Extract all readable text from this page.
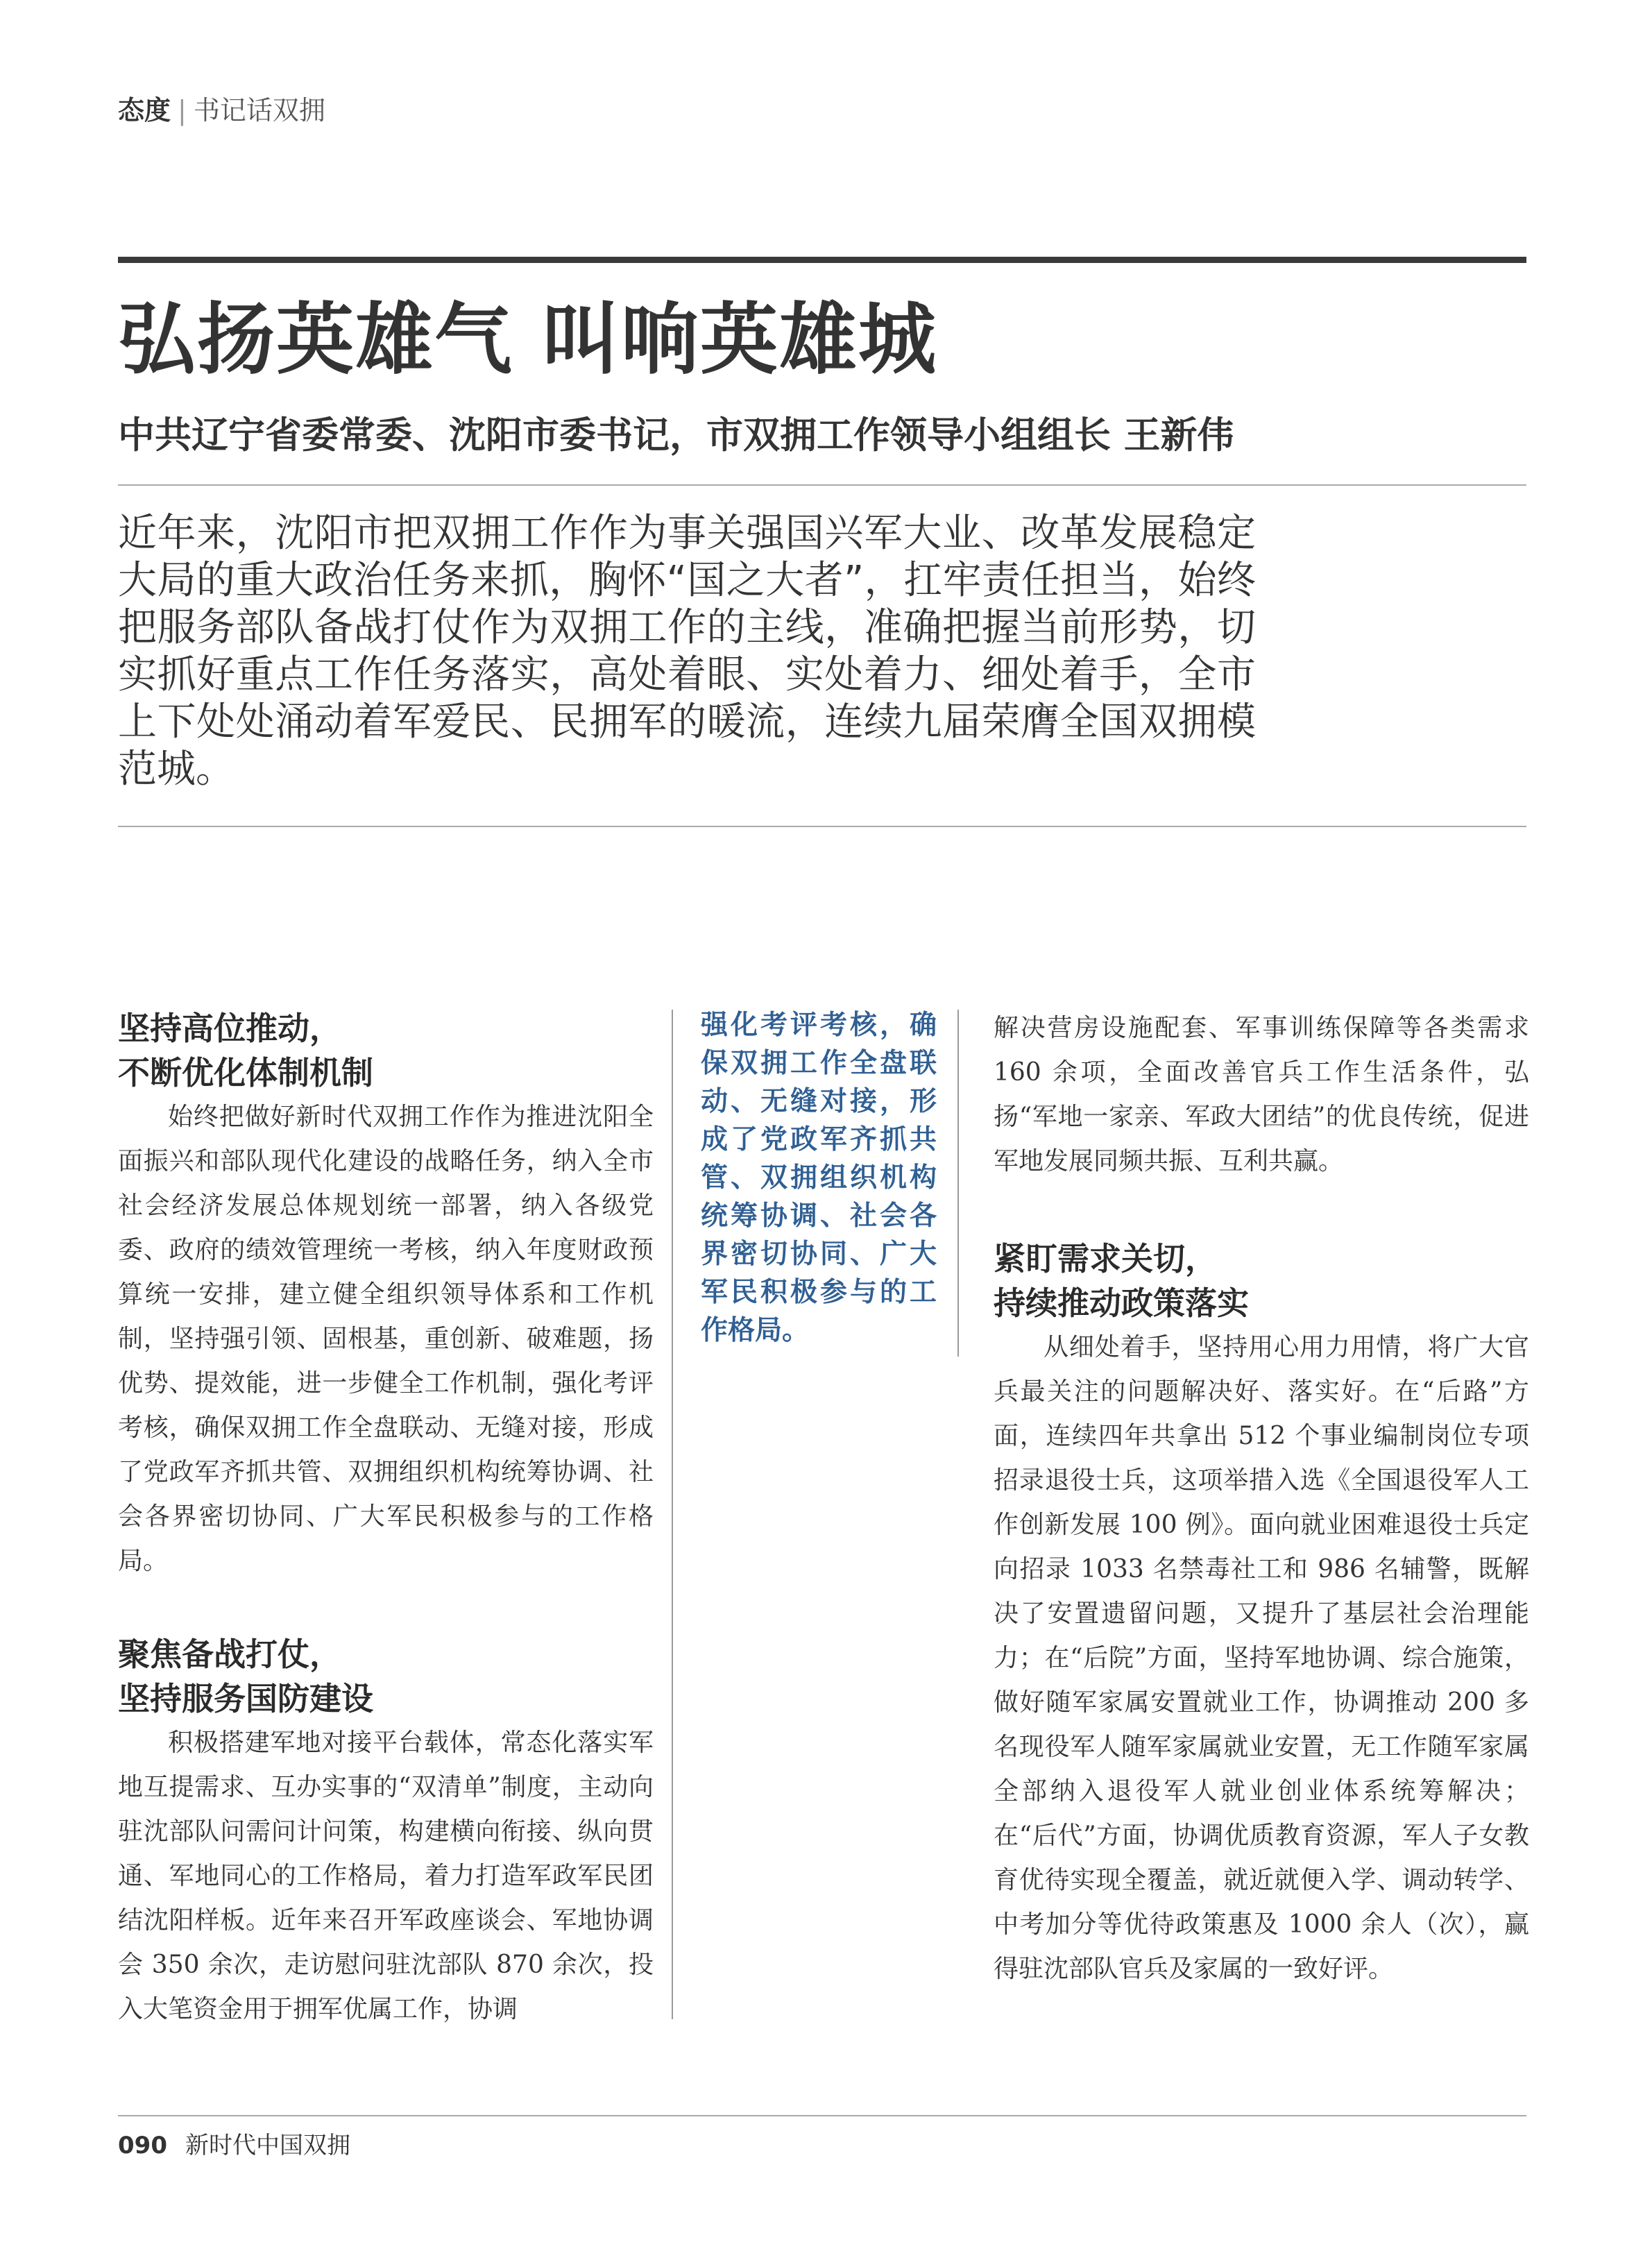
态度 | 书记话双拥
弘扬英雄气 叫响英雄城
中共辽宁省委常委、沈阳市委书记，市双拥工作领导小组组长 王新伟

近年来，沈阳市把双拥工作作为事关强国兴军大业、改革发展稳定大局的重大政治任务来抓，胸怀“国之大者”，扛牢责任担当，始终把服务部队备战打仗作为双拥工作的主线，准确把握当前形势，切实抓好重点工作任务落实，高处着眼、实处着力、细处着手，全市上下处处涌动着军爱民、民拥军的暖流，连续九届荣膺全国双拥模范城。

坚持高位推动，
不断优化体制机制

始终把做好新时代双拥工作作为推进沈阳全面振兴和部队现代化建设的战略任务，纳入全市社会经济发展总体规划统一部署，纳入各级党委、政府的绩效管理统一考核，纳入年度财政预算统一安排，建立健全组织领导体系和工作机制，坚持强引领、固根基，重创新、破难题，扬优势、提效能，进一步健全工作机制，强化考评考核，确保双拥工作全盘联动、无缝对接，形成了党政军齐抓共管、双拥组织机构统筹协调、社会各界密切协同、广大军民积极参与的工作格局。

聚焦备战打仗，
坚持服务国防建设

积极搭建军地对接平台载体，常态化落实军地互提需求、互办实事的“双清单”制度，主动向驻沈部队问需问计问策，构建横向衔接、纵向贯通、军地同心的工作格局，着力打造军政军民团结沈阳样板。近年来召开军政座谈会、军地协调会 350 余次，走访慰问驻沈部队 870 余次，投入大笔资金用于拥军优属工作，协调

强化考评考核，确保双拥工作全盘联动、无缝对接，形成了党政军齐抓共管、双拥组织机构统筹协调、社会各界密切协同、广大军民积极参与的工作格局。

解决营房设施配套、军事训练保障等各类需求 160 余项，全面改善官兵工作生活条件，弘扬“军地一家亲、军政大团结”的优良传统，促进军地发展同频共振、互利共赢。

紧盯需求关切，
持续推动政策落实

从细处着手，坚持用心用力用情，将广大官兵最关注的问题解决好、落实好。在“后路”方面，连续四年共拿出 512 个事业编制岗位专项招录退役士兵，这项举措入选《全国退役军人工作创新发展 100 例》。面向就业困难退役士兵定向招录 1033 名禁毒社工和 986 名辅警，既解决了安置遗留问题，又提升了基层社会治理能力；在“后院”方面，坚持军地协调、综合施策，做好随军家属安置就业工作，协调推动 200 多名现役军人随军家属就业安置，无工作随军家属全部纳入退役军人就业创业体系统筹解决；在“后代”方面，协调优质教育资源，军人子女教育优待实现全覆盖，就近就便入学、调动转学、中考加分等优待政策惠及 1000 余人（次），赢得驻沈部队官兵及家属的一致好评。

090 新时代中国双拥
